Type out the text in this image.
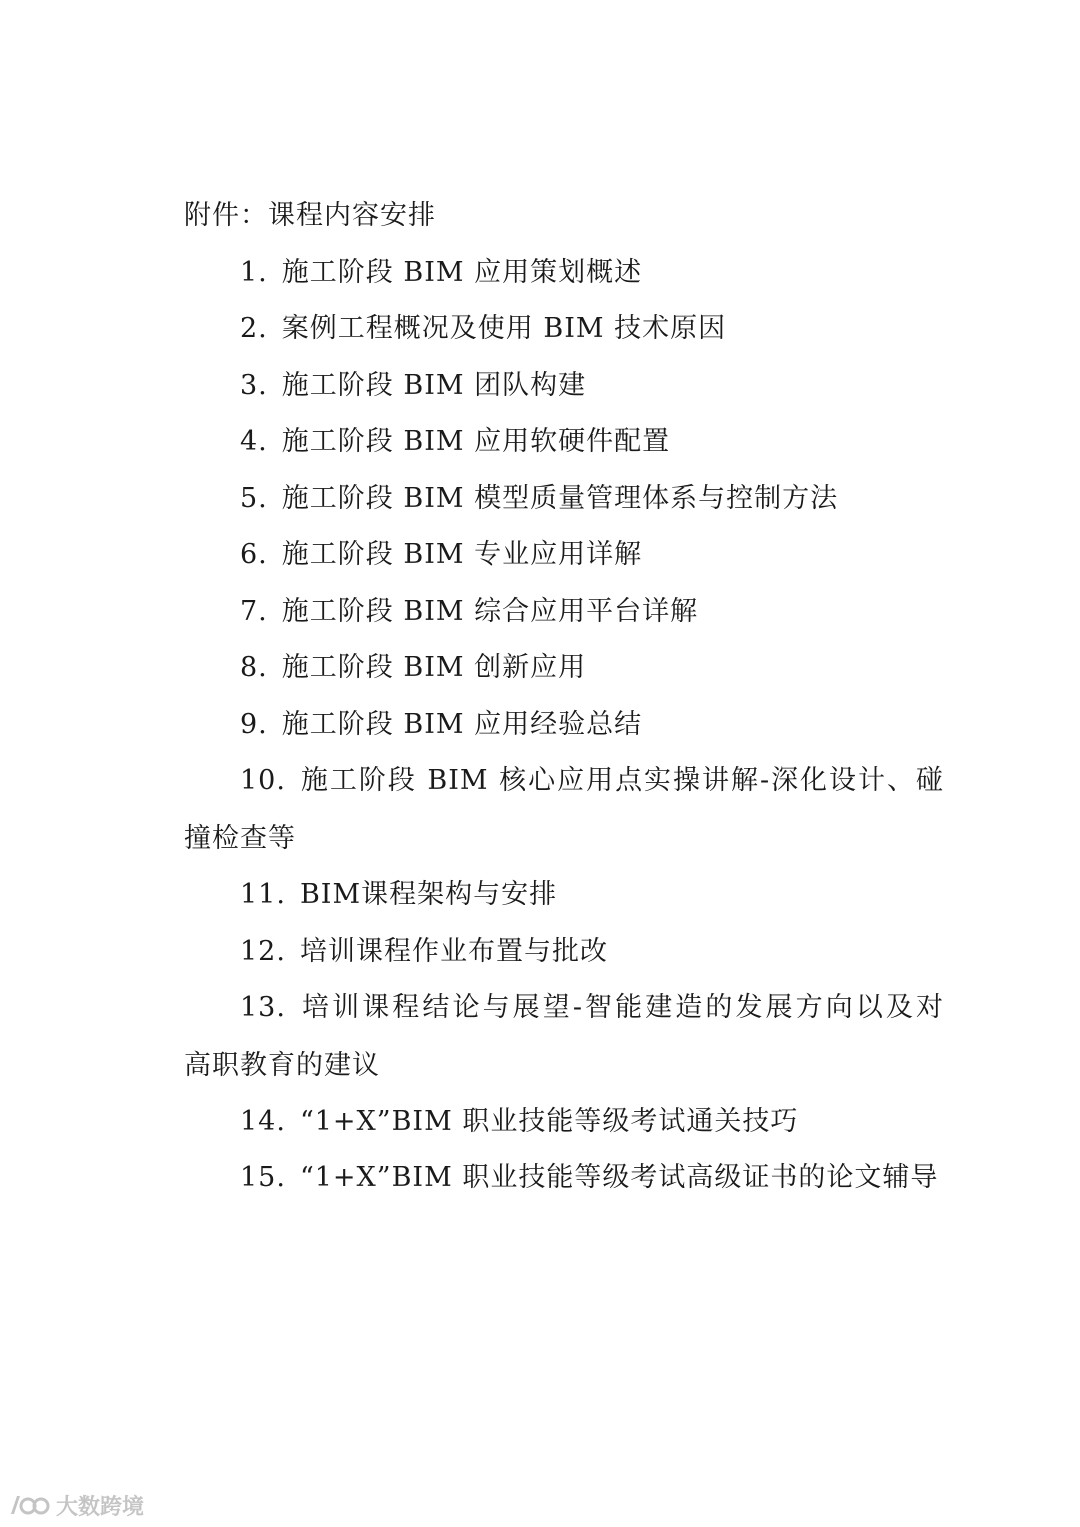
附件：课程内容安排
1. 施工阶段 BIM 应用策划概述
2. 案例工程概况及使用 BIM 技术原因
3. 施工阶段 BIM 团队构建
4. 施工阶段 BIM 应用软硬件配置
5. 施工阶段 BIM 模型质量管理体系与控制方法
6. 施工阶段 BIM 专业应用详解
7. 施工阶段 BIM 综合应用平台详解
8. 施工阶段 BIM 创新应用
9. 施工阶段 BIM 应用经验总结
10. 施工阶段 BIM 核心应用点实操讲解-深化设计、碰
撞检查等
11. BIM课程架构与安排
12. 培训课程作业布置与批改
13. 培训课程结论与展望-智能建造的发展方向以及对
高职教育的建议
14. “1+X”BIM 职业技能等级考试通关技巧
15. “1+X”BIM 职业技能等级考试高级证书的论文辅导
大数跨境
